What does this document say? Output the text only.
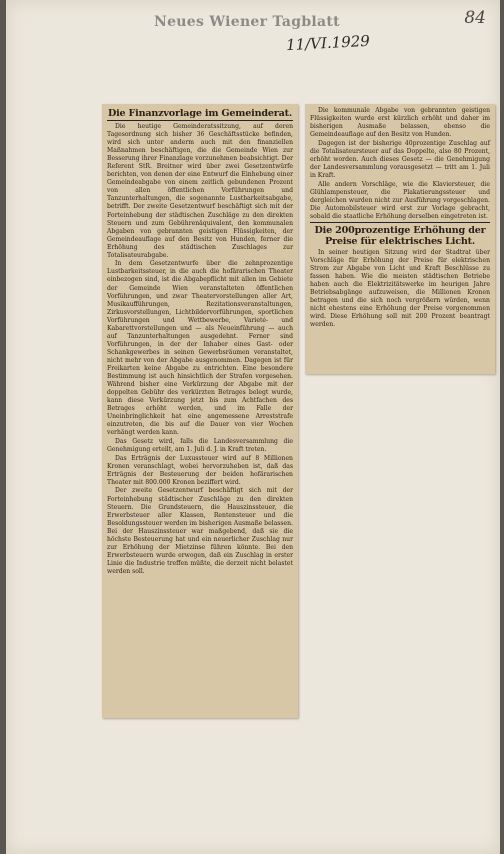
84
Neues Wiener Tagblatt
11/VI.1929
Die Finanzvorlage im Gemeinderat.

Die heutige Gemeinderatssitzung, auf deren Tagesordnung sich bisher 36 Geschäftsstücke befinden, wird sich unter anderm auch mit den finanziellen Maßnahmen beschäftigen, die die Gemeinde Wien zur Besserung ihrer Finanzlage vorzunehmen beabsichtigt. Der Referent StR. Breitner wird über zwei Gesetzentwürfe berichten, von denen der eine Entwurf die Einhebung einer Gemeindeabgabe von einem zeitlich gebundenen Prozent von allen öffentlichen Vorführungen und Tanzunterhaltungen, die sogenannte Lustbarkeitsabgabe, betrifft. Der zweite Gesetzentwurf beschäftigt sich mit der Forteinhebung der städtischen Zuschläge zu den direkten Steuern und zum Gebührenäquivalent, den kommunalen Abgaben von gebrannten geistigen Flüssigkeiten, der Gemeindeauflage auf den Besitz von Hunden, ferner die Erhöhung des städtischen Zuschlages zur Totalisateurabgabe.

In dem Gesetzentwurfe über die zehnprozentige Lustbarkeitssteuer, in die auch die hofärarischen Theater einbezogen sind, ist die Abgabepflicht mit allen im Gebiete der Gemeinde Wien veranstalteten öffentlichen Vorführungen, und zwar Theatervorstellungen aller Art, Musikaufführungen, Rezitationsveranstaltungen, Zirkusvorstellungen, Lichtbildervorführungen, sportlichen Vorführungen und Wettbewerbe, Varieté- und Kabarettvorstellungen und — als Neueinführung — auch auf Tanzunterhaltungen ausgedehnt. Ferner sind Vorführungen, in der der Inhaber eines Gast- oder Schankgewerbes in seinen Gewerbsräumen veranstaltet, nicht mehr von der Abgabe ausgenommen. Dagegen ist für Freikarten keine Abgabe zu entrichten. Eine besondere Bestimmung ist auch hinsichtlich der Strafen vorgesehen. Während bisher eine Verkürzung der Abgabe mit der doppelten Gebühr des verkürzten Betrages belegt wurde, kann diese Verkürzung jetzt bis zum Achtfachen des Betrages erhöht werden, und im Falle der Uneinbringlichkeit hat eine angemessene Arreststrafe einzutreten, die bis auf die Dauer von vier Wochen verhängt werden kann.

Das Gesetz wird, falls die Landesversammlung die Genehmigung erteilt, am 1. Juli d. J. in Kraft treten.

Das Erträgnis der Luxussteuer wird auf 8 Millionen Kronen veranschlagt, wobei hervorzuheben ist, daß das Erträgnis der Besteuerung der beiden hofärarischen Theater mit 800.000 Kronen beziffert wird.

Der zweite Gesetzentwurf beschäftigt sich mit der Forteinhebung städtischer Zuschläge zu den direkten Steuern. Die Grundsteuern, die Hauszinssteuer, die Erwerbsteuer aller Klassen, Rentensteuer und die Besoldungssteuer werden im bisherigen Ausmaße belassen. Bei der Hauszinssteuer war maßgebend, daß sie die höchste Besteuerung hat und ein neuerlicher Zuschlag nur zur Erhöhung der Mietzinse führen könnte. Bei den Erwerbsteuern wurde erwogen, daß ein Zuschlag in erster Linie die Industrie treffen müßte, die derzeit nicht belastet werden soll.

Die kommunale Abgabe von gebrannten geistigen Flüssigkeiten wurde erst kürzlich erhöht und daher im bisherigen Ausmaße belassen, ebenso die Gemeindeauflage auf den Besitz von Hunden.

Dagegen ist der bisherige 40prozentige Zuschlag auf die Totalisateursteuer auf das Doppelte, also 80 Prozent, erhöht worden. Auch dieses Gesetz — die Genehmigung der Landesversammlung vorausgesetzt — tritt am 1. Juli in Kraft.

Alle andern Vorschläge, wie die Klaviersteuer, die Glühlampensteuer, die Plakatierungssteuer und dergleichen wurden nicht zur Ausführung vorgeschlagen. Die Automobilsteuer wird erst zur Vorlage gebracht, sobald die staatliche Erhöhung derselben eingetreten ist.

Die 200prozentige Erhöhung der Preise für elektrisches Licht.

In seiner heutigen Sitzung wird der Stadtrat über Vorschläge für Erhöhung der Preise für elektrischen Strom zur Abgabe von Licht und Kraft Beschlüsse zu fassen haben. Wie die meisten städtischen Betriebe haben auch die Elektrizitätswerke im heurigen Jahre Betriebsabgänge aufzuweisen, die Millionen Kronen betragen und die sich noch vergrößern würden, wenn nicht ehestens eine Erhöhung der Preise vorgenommen wird. Diese Erhöhung soll mit 200 Prozent beantragt werden.
